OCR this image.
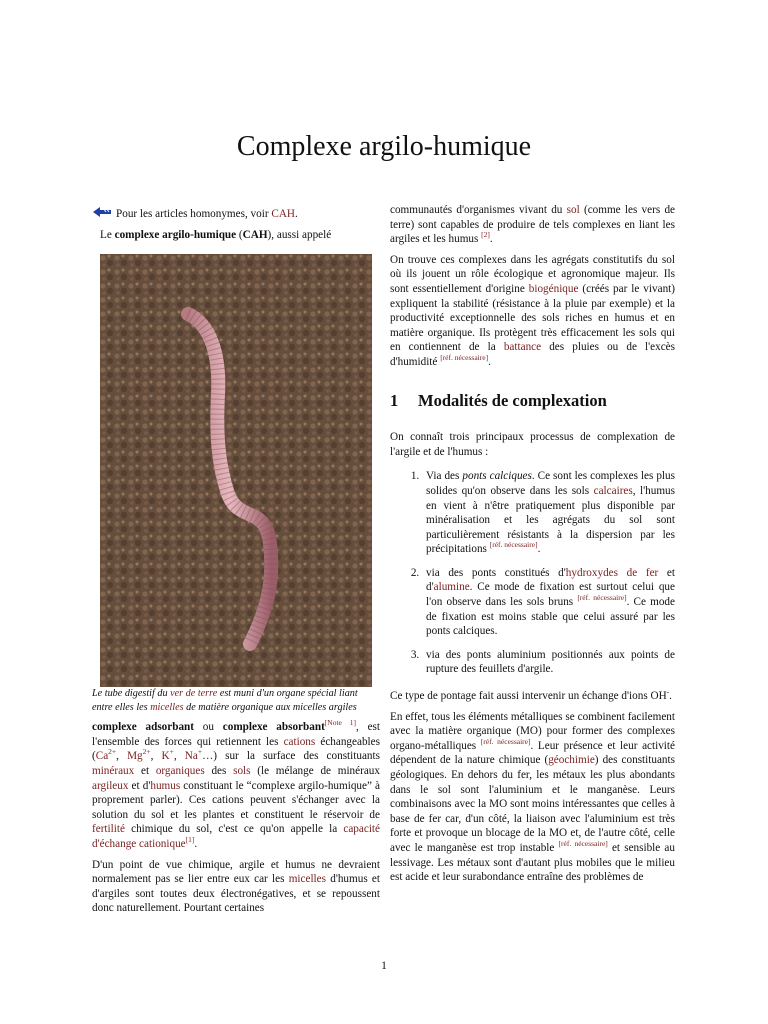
Complexe argilo-humique

Pour les articles homonymes, voir CAH.

Le complexe argilo-humique (CAH), aussi appelé

Le tube digestif du ver de terre est muni d'un organe spécial liant entre elles les micelles de matière organique aux micelles argiles

complexe adsorbant ou complexe absorbant[Note 1], est l'ensemble des forces qui retiennent les cations échangeables (Ca$^{2+}$, Mg$^{2+}$, K+, Na+…) sur la surface des constituants minéraux et organiques des sols (le mélange de minéraux argileux et d'humus constituant le “complexe argilo-humique” à proprement parler). Ces cations peuvent s'échanger avec la solution du sol et les plantes et constituent le réservoir de fertilité chimique du sol, c'est ce qu'on appelle la capacité d'échange cationique[1].

D'un point de vue chimique, argile et humus ne devraient normalement pas se lier entre eux car les micelles d'humus et d'argiles sont toutes deux électronégatives, et se repoussent donc naturellement. Pourtant certaines

communautés d'organismes vivant du sol (comme les vers de terre) sont capables de produire de tels complexes en liant les argiles et les humus [2].

On trouve ces complexes dans les agrégats constitutifs du sol où ils jouent un rôle écologique et agronomique majeur. Ils sont essentiellement d'origine biogénique (créés par le vivant) expliquent la stabilité (résistance à la pluie par exemple) et la productivité exceptionnelle des sols riches en humus et en matière organique. Ils protègent très efficacement les sols qui en contiennent de la battance des pluies ou de l'excès d'humidité [réf. nécessaire].

1 Modalités de complexation

On connaît trois principaux processus de complexation de l'argile et de l'humus :

1. Via des ponts calciques. Ce sont les complexes les plus solides qu'on observe dans les sols calcaires, l'humus en vient à n'être pratiquement plus disponible par minéralisation et les agrégats du sol sont particulièrement résistants à la dispersion par les précipitations [réf. nécessaire].
2. via des ponts constitués d'hydroxydes de fer et d'alumine. Ce mode de fixation est surtout celui que l'on observe dans les sols bruns [réf. nécessaire]. Ce mode de fixation est moins stable que celui assuré par les ponts calciques.
3. via des ponts aluminium positionnés aux points de rupture des feuillets d'argile.

Ce type de pontage fait aussi intervenir un échange d'ions OH-.

En effet, tous les éléments métalliques se combinent facilement avec la matière organique (MO) pour former des complexes organo-métalliques [réf. nécessaire]. Leur présence et leur activité dépendent de la nature chimique (géochimie) des constituants géologiques. En dehors du fer, les métaux les plus abondants dans le sol sont l'aluminium et le manganèse. Leurs combinaisons avec la MO sont moins intéressantes que celles à base de fer car, d'un côté, la liaison avec l'aluminium est très forte et provoque un blocage de la MO et, de l'autre côté, celle avec le manganèse est trop instable [réf. nécessaire] et sensible au lessivage. Les métaux sont d'autant plus mobiles que le milieu est acide et leur surabondance entraîne des problèmes de

1
